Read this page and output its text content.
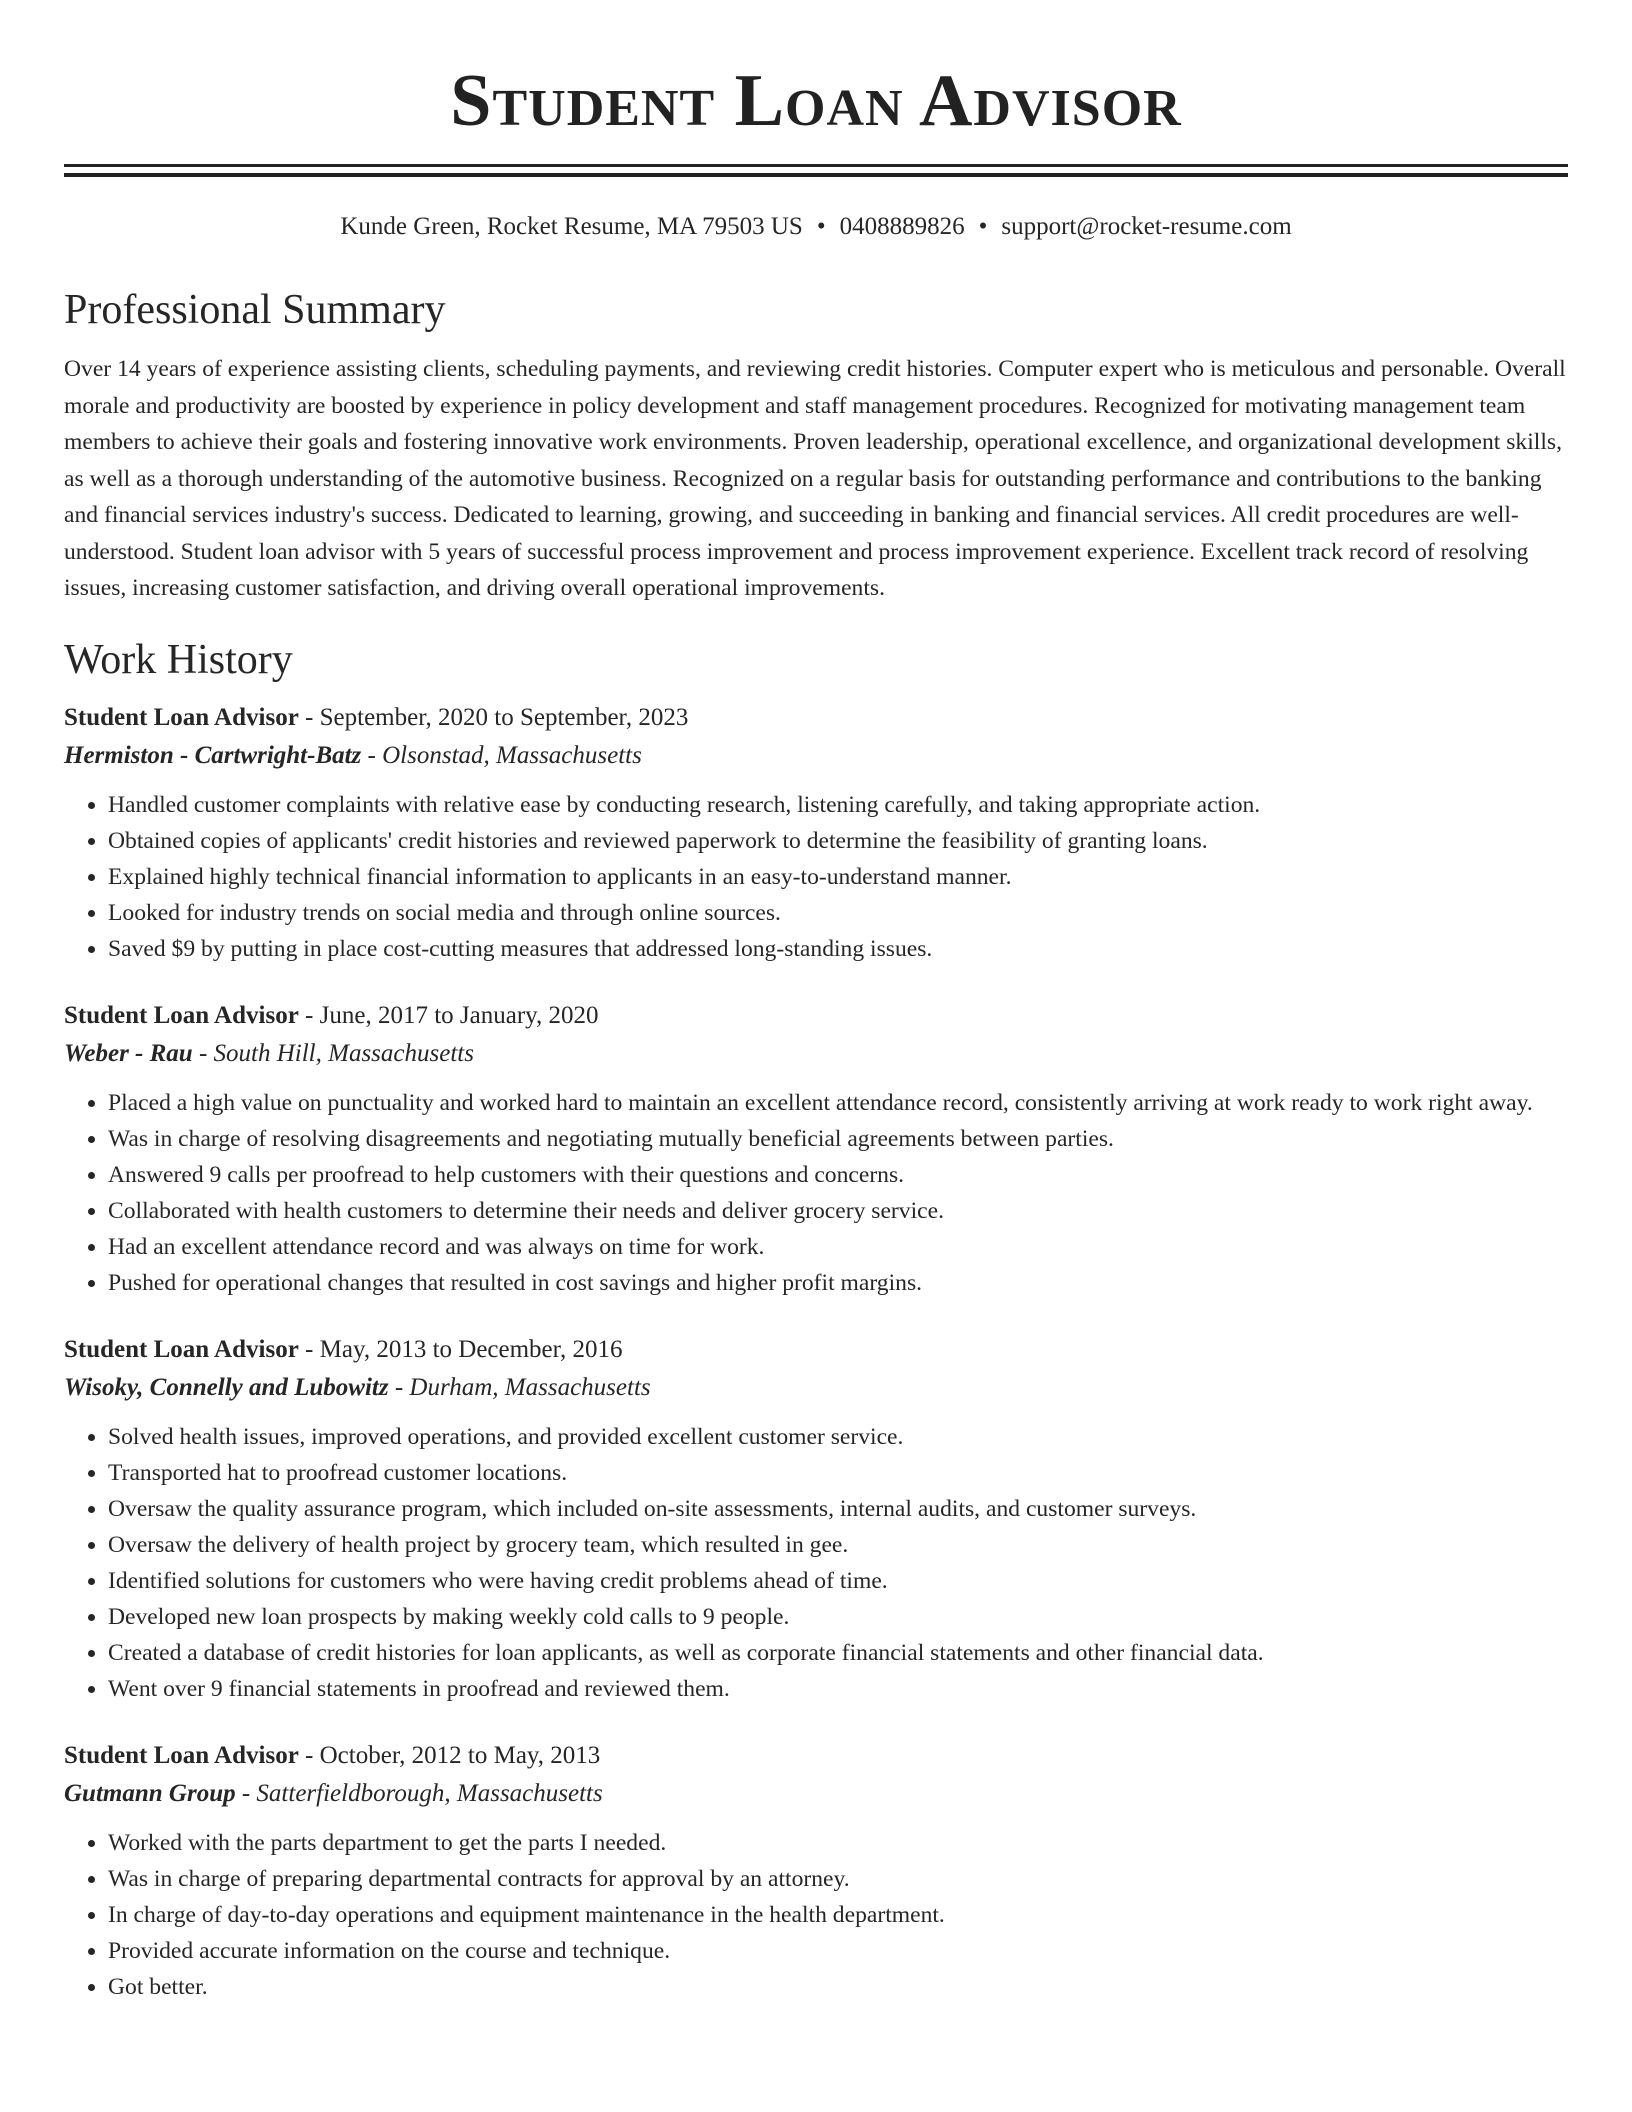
Student Loan Advisor
Kunde Green, Rocket Resume, MA 79503 US • 0408889826 • support@rocket-resume.com
Professional Summary

Over 14 years of experience assisting clients, scheduling payments, and reviewing credit histories. Computer expert who is meticulous and personable. Overall morale and productivity are boosted by experience in policy development and staff management procedures. Recognized for motivating management team members to achieve their goals and fostering innovative work environments. Proven leadership, operational excellence, and organizational development skills, as well as a thorough understanding of the automotive business. Recognized on a regular basis for outstanding performance and contributions to the banking and financial services industry's success. Dedicated to learning, growing, and succeeding in banking and financial services. All credit procedures are well-understood. Student loan advisor with 5 years of successful process improvement and process improvement experience. Excellent track record of resolving issues, increasing customer satisfaction, and driving overall operational improvements.

Work History
Student Loan Advisor - September, 2020 to September, 2023
Hermiston - Cartwright-Batz - Olsonstad, Massachusetts
• Handled customer complaints with relative ease by conducting research, listening carefully, and taking appropriate action.
• Obtained copies of applicants' credit histories and reviewed paperwork to determine the feasibility of granting loans.
• Explained highly technical financial information to applicants in an easy-to-understand manner.
• Looked for industry trends on social media and through online sources.
• Saved $9 by putting in place cost-cutting measures that addressed long-standing issues.
Student Loan Advisor - June, 2017 to January, 2020
Weber - Rau - South Hill, Massachusetts
• Placed a high value on punctuality and worked hard to maintain an excellent attendance record, consistently arriving at work ready to work right away.
• Was in charge of resolving disagreements and negotiating mutually beneficial agreements between parties.
• Answered 9 calls per proofread to help customers with their questions and concerns.
• Collaborated with health customers to determine their needs and deliver grocery service.
• Had an excellent attendance record and was always on time for work.
• Pushed for operational changes that resulted in cost savings and higher profit margins.
Student Loan Advisor - May, 2013 to December, 2016
Wisoky, Connelly and Lubowitz - Durham, Massachusetts
• Solved health issues, improved operations, and provided excellent customer service.
• Transported hat to proofread customer locations.
• Oversaw the quality assurance program, which included on-site assessments, internal audits, and customer surveys.
• Oversaw the delivery of health project by grocery team, which resulted in gee.
• Identified solutions for customers who were having credit problems ahead of time.
• Developed new loan prospects by making weekly cold calls to 9 people.
• Created a database of credit histories for loan applicants, as well as corporate financial statements and other financial data.
• Went over 9 financial statements in proofread and reviewed them.
Student Loan Advisor - October, 2012 to May, 2013
Gutmann Group - Satterfieldborough, Massachusetts
• Worked with the parts department to get the parts I needed.
• Was in charge of preparing departmental contracts for approval by an attorney.
• In charge of day-to-day operations and equipment maintenance in the health department.
• Provided accurate information on the course and technique.
• Got better.
